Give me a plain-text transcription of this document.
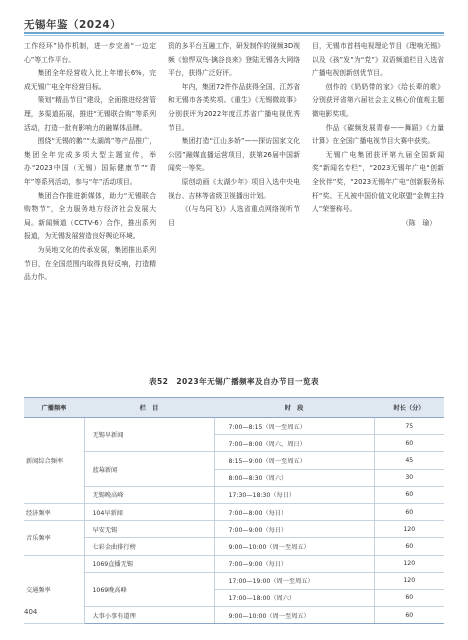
无锡年鉴（2024）

工作经环”协作机制，进一步完善“一边定心”等工作平台。

集团全年经营收入比上年增长6%，完成无锡广电全年经营目标。

策划“精品节目”建设，全面推进经营管理，多渠道拓展，推进“无锡联合购”等系列活动，打造一批有影响力的融媒体品牌。

围绕“无锡的鹅”“太湖鸽”等产品推广，集团全年完成多项大型主题宣传，举办“2023中国（无锡）国际健康节”“青年”等系列活动，参与“年”活动项目。

集团合作推进新媒体，助力“无锡联合购物节”，全力服务地方经济社会发展大局。新闻频道（CCTV-6）合作，推出系列报道，为无锡发展营造良好舆论环境。

为吴地文化的传承发展，集团推出系列节目，在全国范围内取得良好反响，打造精品力作。

资的多平台互融工作，研发制作的视频3D视频《惊悍双鸟·擒谷良来》登陆无锡各大网络平台，获得广泛好评。

年内，集团72件作品获得全国、江苏省和无锡市各类奖项。《重生》《无锡微故事》分别获评为2022年度江苏省广播电视优秀节目。

集团打造“江山多娇”——探访国家文化公园”融媒直播运营项目，获第26届中国新闻奖一等奖。

原创动画《太湖少年》项目入选中央电视台、吉林等省级卫视播出计划。

《(与鸟同飞)》人选省重点网络视听节目

目，无锡市首档电视理论节目《理响无锡》以及《孩”发”为“党”》双语频道栏目入选省广播电视创新创优节目。

创作的《奶奶带的家》《给长辈的歌》分别获评省第六届社会主义核心价值观主题微电影奖项。

作品《碳频发展青春——舞蹈》《力量计算》在全国广播电视节目大赛中获奖。

无锡广电集团获评第九届全国新闻奖“新闻名专栏”，“2023无锡年广电“创新全伙伴”奖，“2023无锡年广电“创新服务标杆”奖。王凡被中国价值文化联盟“金牌主持人”荣誉称号。

（陈　瑜）

表52　2023年无锡广播频率及自办节目一览表
广播频率	栏　目	时　段	时长（分）
新闻综合频率	无锡早新闻	7:00—8:15（周一至周五）	75
		7:00—8:00（周六、周日）	60
	蓝莓新闻	8:15—9:00（周一至周五）	45
		8:00—8:30（周六）	30
	无锡晚高峰	17:30—18:30（每日）	60
经济频率	104早新闻	7:00—8:00（每日）	60
音乐频率	早安无锡	7:00—9:00（每日）	120
	七彩金曲排行榜	9:00—10:00（周一至周五）	60
交通频率	1069直播无锡	7:00—9:00（每日）	120
	1069晚高峰	17:00—19:00（周一至周五）	120
		17:00—18:00（周六）	60
	大事小事有道理	9:00—10:00（周一至周五）	60
404
